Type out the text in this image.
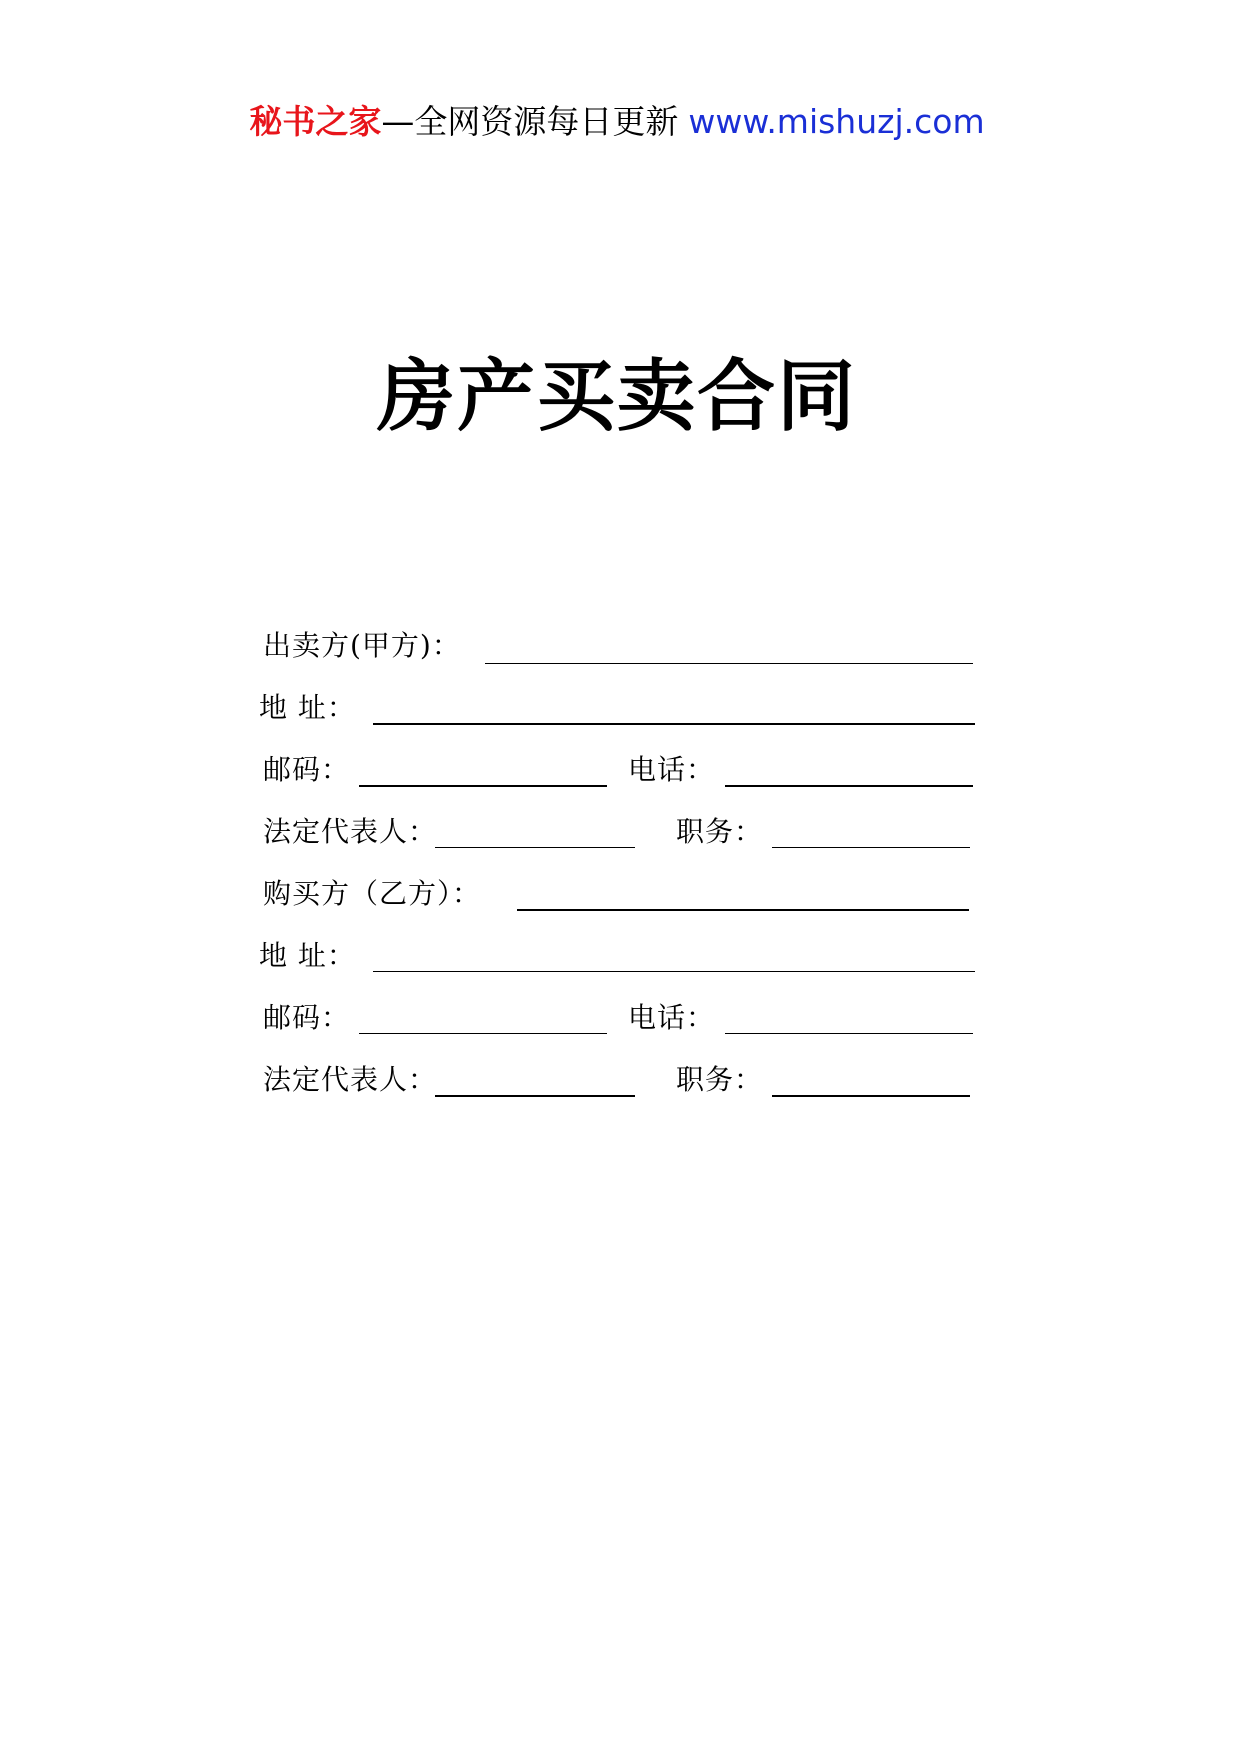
秘书之家—全网资源每日更新 www.mishuzj.com
房产买卖合同
出卖方(甲方)：
地 址：
邮码：	电话：
法定代表人：	职务：
购买方（乙方）：
地 址：
邮码：	电话：
法定代表人：	职务：
